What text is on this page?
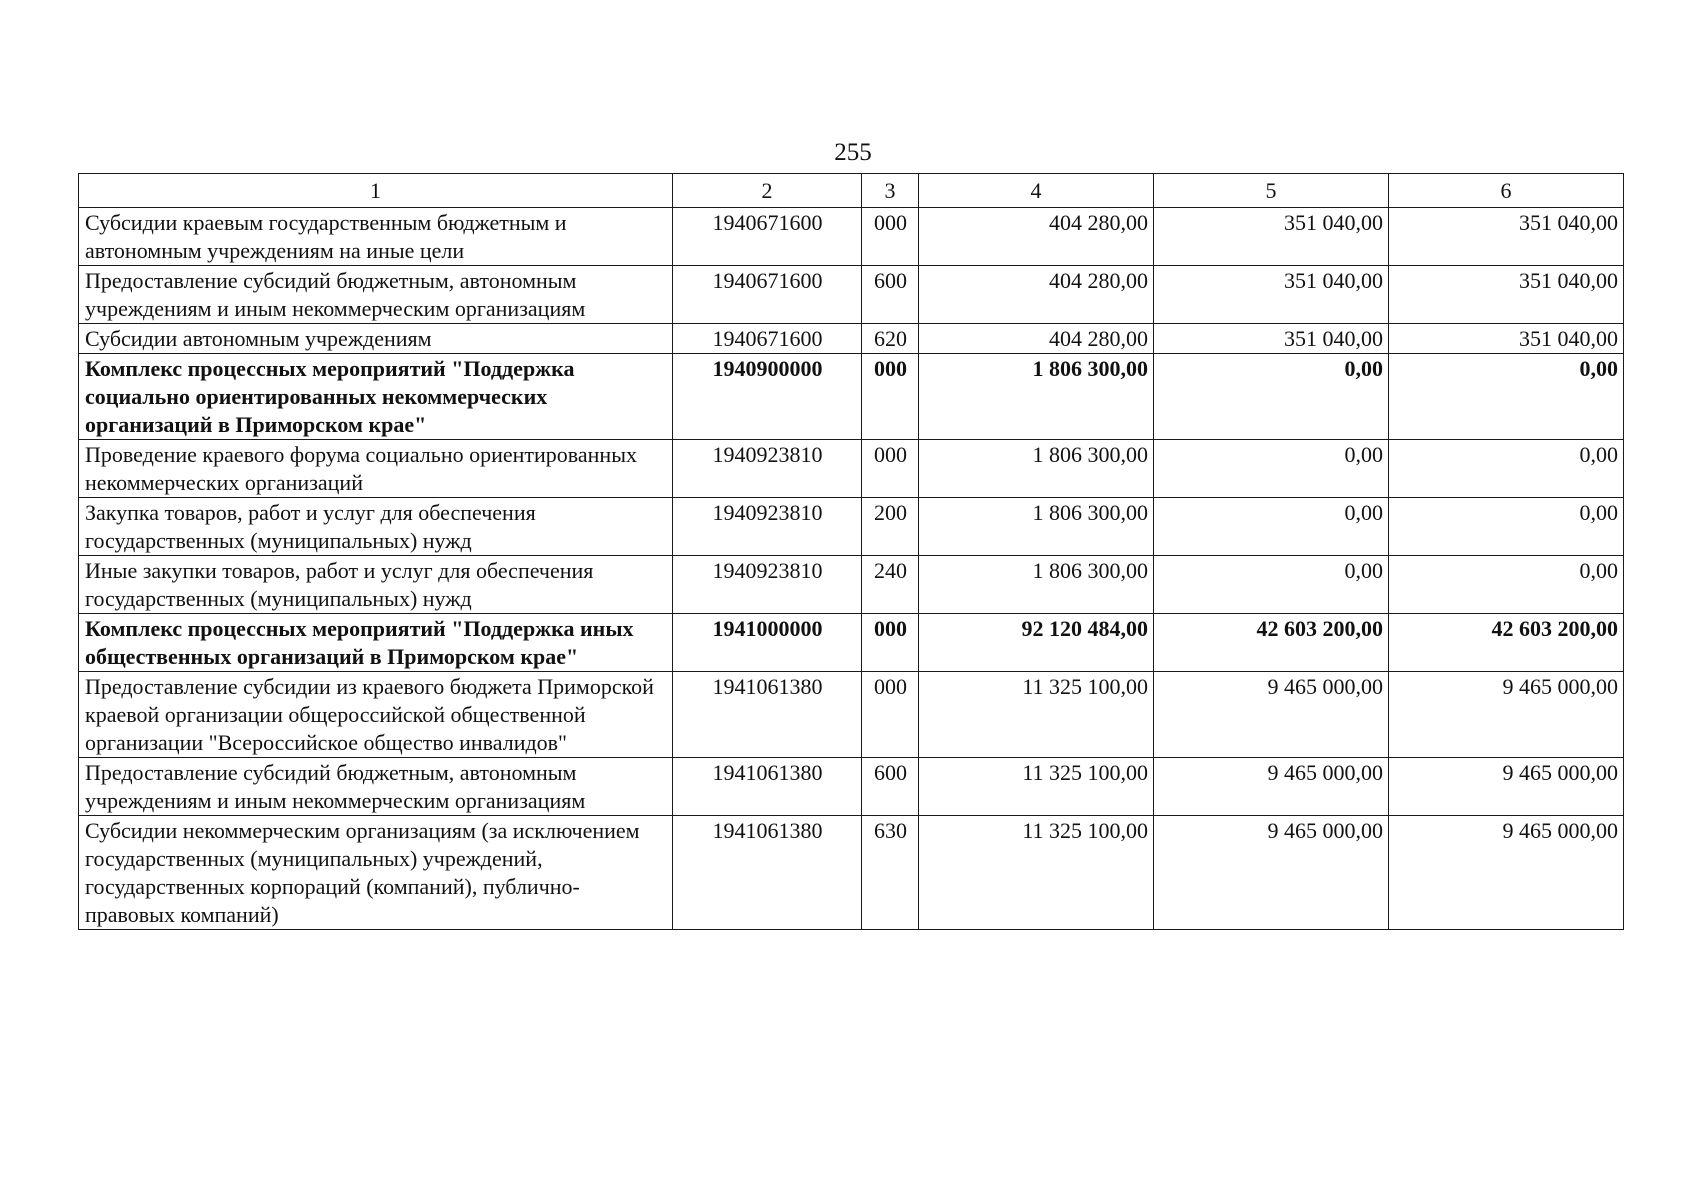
255
1	2	3	4	5	6
Субсидии краевым государственным бюджетным и автономным учреждениям на иные цели	1940671600	000	404 280,00	351 040,00	351 040,00
Предоставление субсидий бюджетным, автономным учреждениям и иным некоммерческим организациям	1940671600	600	404 280,00	351 040,00	351 040,00
Субсидии автономным учреждениям	1940671600	620	404 280,00	351 040,00	351 040,00
Комплекс процессных мероприятий "Поддержка социально ориентированных некоммерческих организаций в Приморском крае"	1940900000	000	1 806 300,00	0,00	0,00
Проведение краевого форума социально ориентированных некоммерческих организаций	1940923810	000	1 806 300,00	0,00	0,00
Закупка товаров, работ и услуг для обеспечения государственных (муниципальных) нужд	1940923810	200	1 806 300,00	0,00	0,00
Иные закупки товаров, работ и услуг для обеспечения государственных (муниципальных) нужд	1940923810	240	1 806 300,00	0,00	0,00
Комплекс процессных мероприятий "Поддержка иных общественных организаций в Приморском крае"	1941000000	000	92 120 484,00	42 603 200,00	42 603 200,00
Предоставление субсидии из краевого бюджета Приморской краевой организации общероссийской общественной организации "Всероссийское общество инвалидов"	1941061380	000	11 325 100,00	9 465 000,00	9 465 000,00
Предоставление субсидий бюджетным, автономным учреждениям и иным некоммерческим организациям	1941061380	600	11 325 100,00	9 465 000,00	9 465 000,00
Субсидии некоммерческим организациям (за исключением государственных (муниципальных) учреждений, государственных корпораций (компаний), публично-правовых компаний)	1941061380	630	11 325 100,00	9 465 000,00	9 465 000,00
